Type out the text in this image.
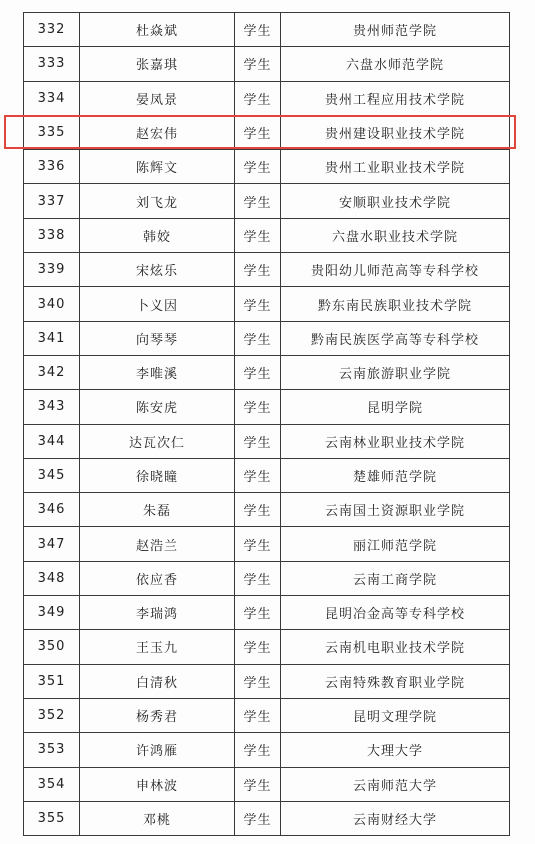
332	杜焱斌	学生	贵州师范学院
333	张嘉琪	学生	六盘水师范学院
334	晏凤景	学生	贵州工程应用技术学院
335	赵宏伟	学生	贵州建设职业技术学院
336	陈辉文	学生	贵州工业职业技术学院
337	刘飞龙	学生	安顺职业技术学院
338	韩姣	学生	六盘水职业技术学院
339	宋炫乐	学生	贵阳幼儿师范高等专科学校
340	卜义因	学生	黔东南民族职业技术学院
341	向琴琴	学生	黔南民族医学高等专科学校
342	李唯溪	学生	云南旅游职业学院
343	陈安虎	学生	昆明学院
344	达瓦次仁	学生	云南林业职业技术学院
345	徐晓瞳	学生	楚雄师范学院
346	朱磊	学生	云南国土资源职业学院
347	赵浩兰	学生	丽江师范学院
348	依应香	学生	云南工商学院
349	李瑞鸿	学生	昆明冶金高等专科学校
350	王玉九	学生	云南机电职业技术学院
351	白清秋	学生	云南特殊教育职业学院
352	杨秀君	学生	昆明文理学院
353	许鸿雁	学生	大理大学
354	申林波	学生	云南师范大学
355	邓桃	学生	云南财经大学
